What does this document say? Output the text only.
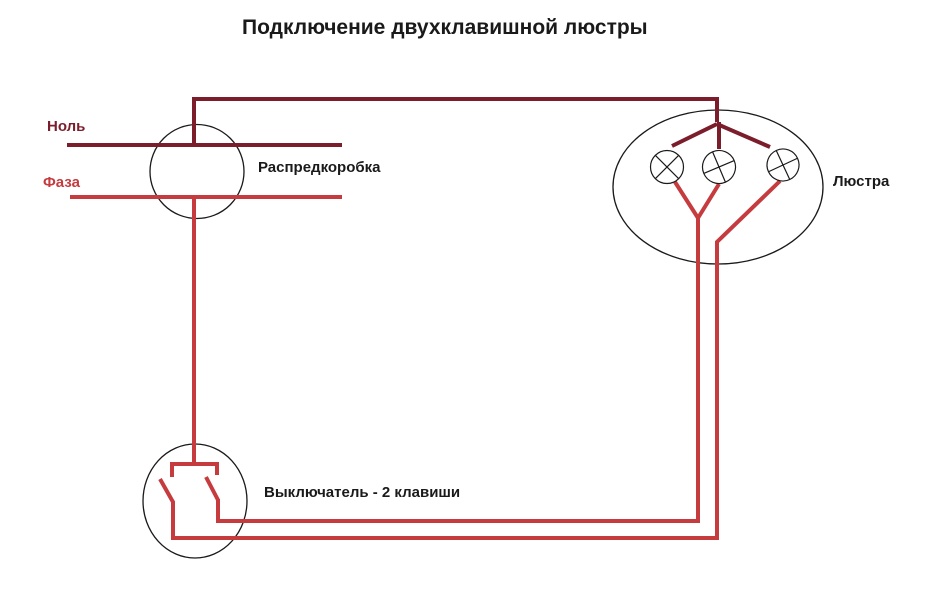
Подключение двухклавишной люстры
Ноль
Фаза
Распредкоробка
Люстра
Выключатель - 2 клавиши
